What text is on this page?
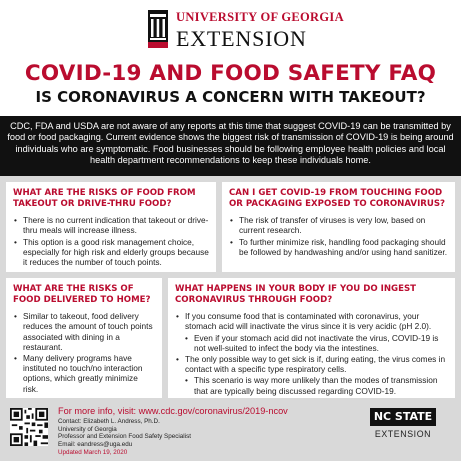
UNIVERSITY OF GEORGIA
EXTENSION
COVID-19 AND FOOD SAFETY FAQ
IS CORONAVIRUS A CONCERN WITH TAKEOUT?
CDC, FDA and USDA are not aware of any reports at this time that suggest COVID-19 can be transmitted by food or food packaging. Current evidence shows the biggest risk of transmission of COVID-19 is being around individuals who are symptomatic. Food businesses should be following employee health policies and local health department recommendations to keep these individuals home.
WHAT ARE THE RISKS OF FOOD FROM TAKEOUT OR DRIVE-THRU FOOD?
• There is no current indication that takeout or drive-thru meals will increase illness.
• This option is a good risk management choice, especially for high risk and elderly groups because it reduces the number of touch points.
CAN I GET COVID-19 FROM TOUCHING FOOD OR PACKAGING EXPOSED TO CORONAVIRUS?
• The risk of transfer of viruses is very low, based on current research.
• To further minimize risk, handling food packaging should be followed by handwashing and/or using hand sanitizer.
WHAT ARE THE RISKS OF FOOD DELIVERED TO HOME?
• Similar to takeout, food delivery reduces the amount of touch points associated with dining in a restaurant.
• Many delivery programs have instituted no touch/no interaction options, which greatly minimize risk.
WHAT HAPPENS IN YOUR BODY IF YOU DO INGEST CORONAVIRUS THROUGH FOOD?
• If you consume food that is contaminated with coronavirus, your stomach acid will inactivate the virus since it is very acidic (pH 2.0).
• Even if your stomach acid did not inactivate the virus, COVID-19 is not well-suited to infect the body via the intestines.
• The only possible way to get sick is if, during eating, the virus comes in contact with a specific type respiratory cells.
• This scenario is way more unlikely than the modes of transmission that are typically being discussed regarding COVID-19.
For more info, visit: www.cdc.gov/coronavirus/2019-ncov
Contact: Elizabeth L. Andress, Ph.D.
University of Georgia
Professor and Extension Food Safety Specialist
Email: eandress@uga.edu
Updated March 19, 2020
NC STATE
EXTENSION
